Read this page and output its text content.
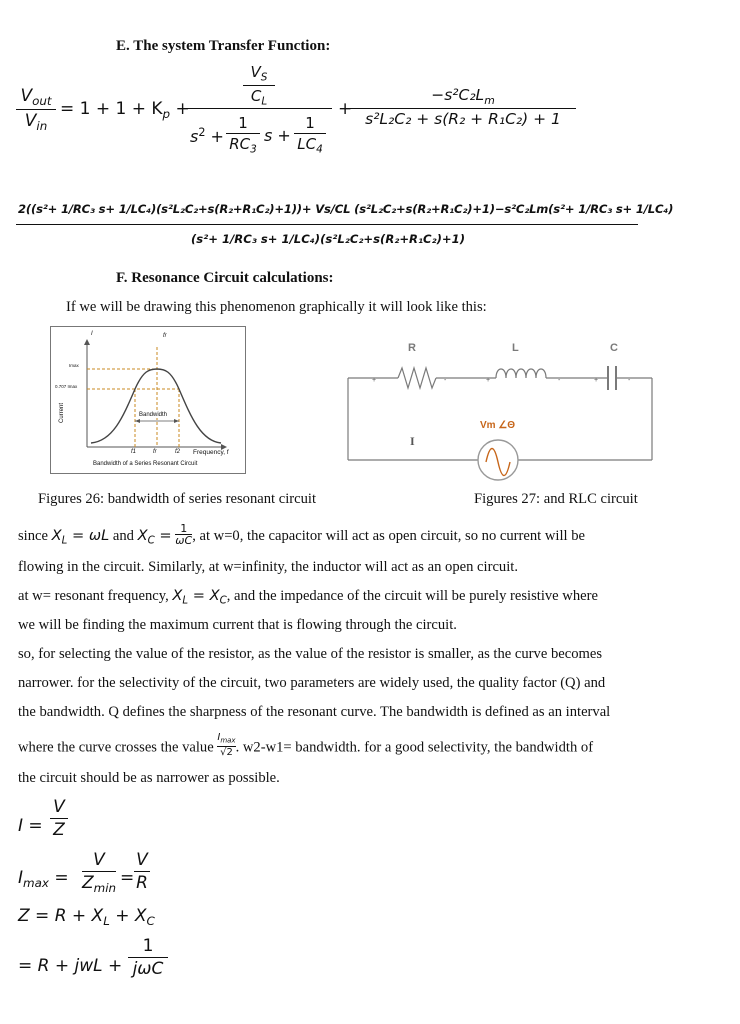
E. The system Transfer Function:
$V_{out}$
$V_{in}$
= $1 + 1 + K_p$ +
$\frac{V_S}{C_L}$
$s^2$ +
1
$RC_3$
s +
1
$LC_4$
+
$-s^2C_2L_m$
s²L₂C₂ + s(R₂ + R₁C₂) + 1
2((s²+ 1/RC₃ s+ 1/LC₄)(s²L₂C₂+s(R₂+R₁C₂)+1))+ Vs/CL (s²L₂C₂+s(R₂+R₁C₂)+1)−s²C₂Lm(s²+ 1/RC₃ s+ 1/LC₄)
(s²+ 1/RC₃ s+ 1/LC₄)(s²L₂C₂+s(R₂+R₁C₂)+1)
F. Resonance Circuit calculations:
If we will be drawing this phenomenon graphically it will look like this:
I	fr
Imax
0.707 Imax
Current	Bandwidth
f1	fr	f2 Frequency, f
Bandwidth of a Series Resonant Circuit
+	-	+	-	+	-
R	L	C
I
Vm ∠Θ
Figures 26: bandwidth of series resonant circuit	Figures 27: and RLC circuit
since $X_L = \omega L$ and $X_C = \frac{1}{\omega C}$ , at w=0, the capacitor will act as open circuit, so no current will be
flowing in the circuit. Similarly, at w=infinity, the inductor will act as an open circuit.
at w= resonant frequency, $X_L = X_C$, and the impedance of the circuit will be purely resistive where
we will be finding the maximum current that is flowing through the circuit.
so, for selecting the value of the resistor, as the value of the resistor is smaller, as the curve becomes
narrower. for the selectivity of the circuit, two parameters are widely used, the quality factor (Q) and
the bandwidth. Q defines the sharpness of the resonant curve. The bandwidth is defined as an interval
where the curve crosses the value
$I_{max}$
√2 . w2-w1= bandwidth. for a good selectivity, the bandwidth of
the circuit should be as narrower as possible.
I =
V
Z
$I_{max}$ =
V
$Z_{min}$
=
V
R
$Z = R + X_L + X_C$
= R + jwL +
1
jωC
